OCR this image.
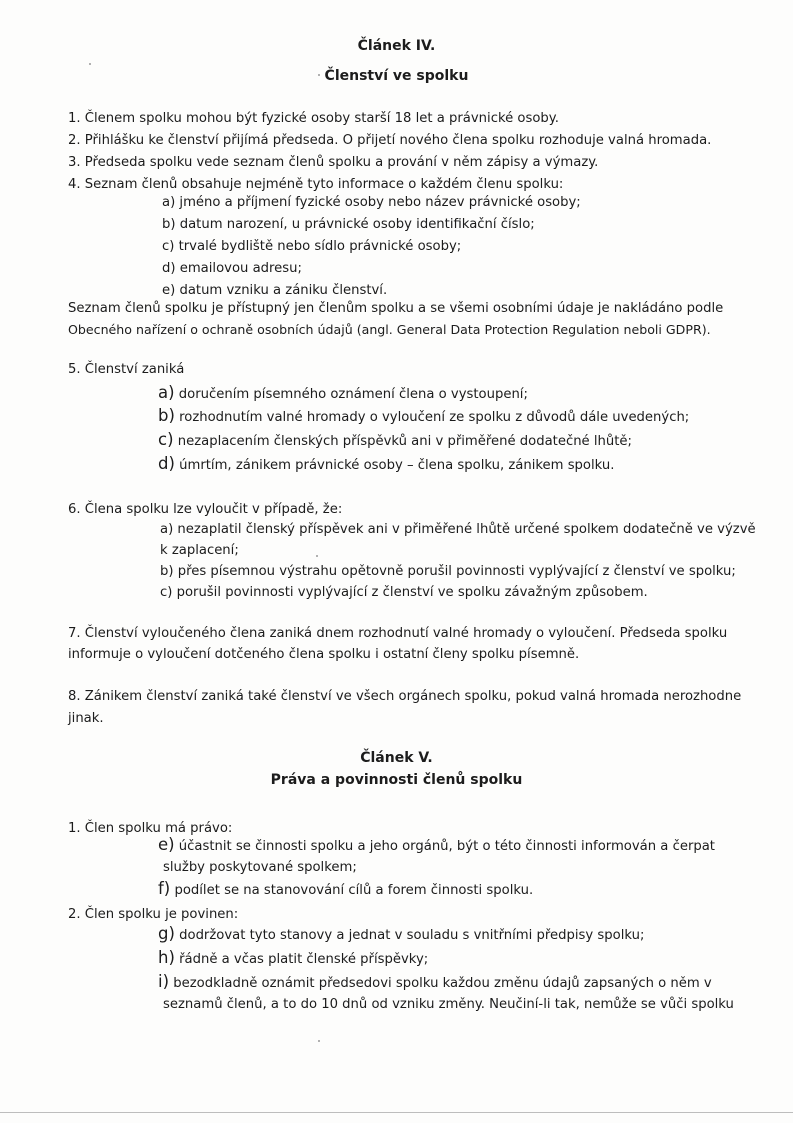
Článek IV.
Členství ve spolku
1. Členem spolku mohou být fyzické osoby starší 18 let a právnické osoby.
2. Přihlášku ke členství přijímá předseda. O přijetí nového člena spolku rozhoduje valná hromada.
3. Předseda spolku vede seznam členů spolku a prování v něm zápisy a výmazy.
4. Seznam členů obsahuje nejméně tyto informace o každém členu spolku:
a) jméno a příjmení fyzické osoby nebo název právnické osoby;
b) datum narození, u právnické osoby identifikační číslo;
c) trvalé bydliště nebo sídlo právnické osoby;
d) emailovou adresu;
e) datum vzniku a zániku členství.
Seznam členů spolku je přístupný jen členům spolku a se všemi osobními údaje je nakládáno podle
Obecného nařízení o ochraně osobních údajů (angl. General Data Protection Regulation neboli GDPR).
5. Členství zaniká
a) doručením písemného oznámení člena o vystoupení;
b) rozhodnutím valné hromady o vyloučení ze spolku z důvodů dále uvedených;
c) nezaplacením členských příspěvků ani v přiměřené dodatečné lhůtě;
d) úmrtím, zánikem právnické osoby – člena spolku, zánikem spolku.
6. Člena spolku lze vyloučit v případě, že:
a) nezaplatil členský příspěvek ani v přiměřené lhůtě určené spolkem dodatečně ve výzvě
k zaplacení;
b) přes písemnou výstrahu opětovně porušil povinnosti vyplývající z členství ve spolku;
c) porušil povinnosti vyplývající z členství ve spolku závažným způsobem.
7. Členství vyloučeného člena zaniká dnem rozhodnutí valné hromady o vyloučení. Předseda spolku
informuje o vyloučení dotčeného člena spolku i ostatní členy spolku písemně.
8. Zánikem členství zaniká také členství ve všech orgánech spolku, pokud valná hromada nerozhodne
jinak.
Článek V.
Práva a povinnosti členů spolku
1. Člen spolku má právo:
e) účastnit se činnosti spolku a jeho orgánů, být o této činnosti informován a čerpat
služby poskytované spolkem;
f) podílet se na stanovování cílů a forem činnosti spolku.
2. Člen spolku je povinen:
g) dodržovat tyto stanovy a jednat v souladu s vnitřními předpisy spolku;
h) řádně a včas platit členské příspěvky;
i) bezodkladně oznámit předsedovi spolku každou změnu údajů zapsaných o něm v
seznamů členů, a to do 10 dnů od vzniku změny. Neučiní-li tak, nemůže se vůči spolku
